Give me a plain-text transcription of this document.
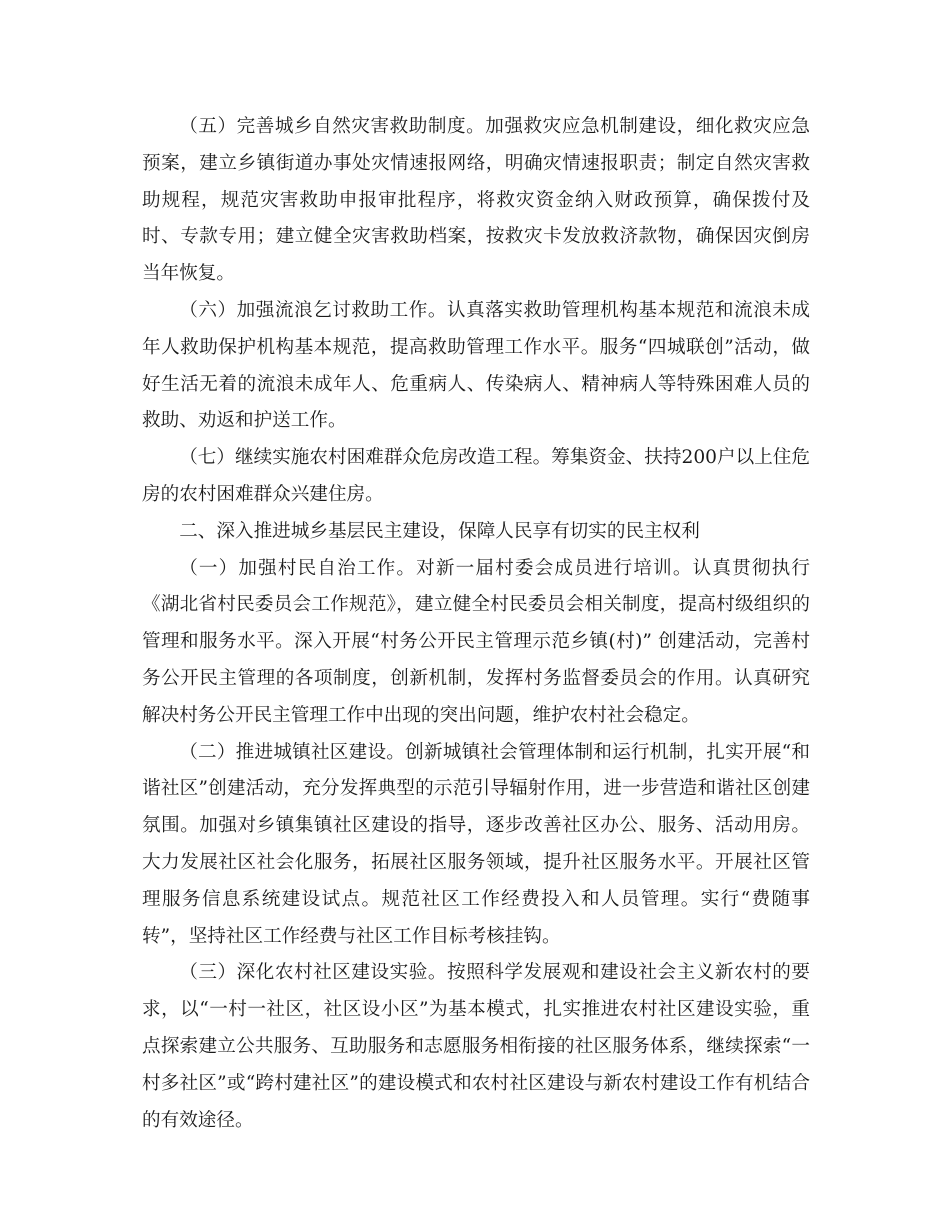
（五）完善城乡自然灾害救助制度。加强救灾应急机制建设，细化救灾应急预案，建立乡镇街道办事处灾情速报网络，明确灾情速报职责；制定自然灾害救助规程，规范灾害救助申报审批程序，将救灾资金纳入财政预算，确保拨付及时、专款专用；建立健全灾害救助档案，按救灾卡发放救济款物，确保因灾倒房当年恢复。

（六）加强流浪乞讨救助工作。认真落实救助管理机构基本规范和流浪未成年人救助保护机构基本规范，提高救助管理工作水平。服务“四城联创”活动，做好生活无着的流浪未成年人、危重病人、传染病人、精神病人等特殊困难人员的救助、劝返和护送工作。

（七）继续实施农村困难群众危房改造工程。筹集资金、扶持200户以上住危房的农村困难群众兴建住房。

二、深入推进城乡基层民主建设，保障人民享有切实的民主权利

（一）加强村民自治工作。对新一届村委会成员进行培训。认真贯彻执行《湖北省村民委员会工作规范》，建立健全村民委员会相关制度，提高村级组织的管理和服务水平。深入开展“村务公开民主管理示范乡镇(村)” 创建活动，完善村务公开民主管理的各项制度，创新机制，发挥村务监督委员会的作用。认真研究解决村务公开民主管理工作中出现的突出问题，维护农村社会稳定。

（二）推进城镇社区建设。创新城镇社会管理体制和运行机制，扎实开展“和谐社区”创建活动，充分发挥典型的示范引导辐射作用，进一步营造和谐社区创建氛围。加强对乡镇集镇社区建设的指导，逐步改善社区办公、服务、活动用房。大力发展社区社会化服务，拓展社区服务领域，提升社区服务水平。开展社区管理服务信息系统建设试点。规范社区工作经费投入和人员管理。实行“费随事转”，坚持社区工作经费与社区工作目标考核挂钩。

（三）深化农村社区建设实验。按照科学发展观和建设社会主义新农村的要求，以“一村一社区，社区设小区”为基本模式，扎实推进农村社区建设实验，重点探索建立公共服务、互助服务和志愿服务相衔接的社区服务体系，继续探索“一村多社区”或“跨村建社区”的建设模式和农村社区建设与新农村建设工作有机结合的有效途径。
